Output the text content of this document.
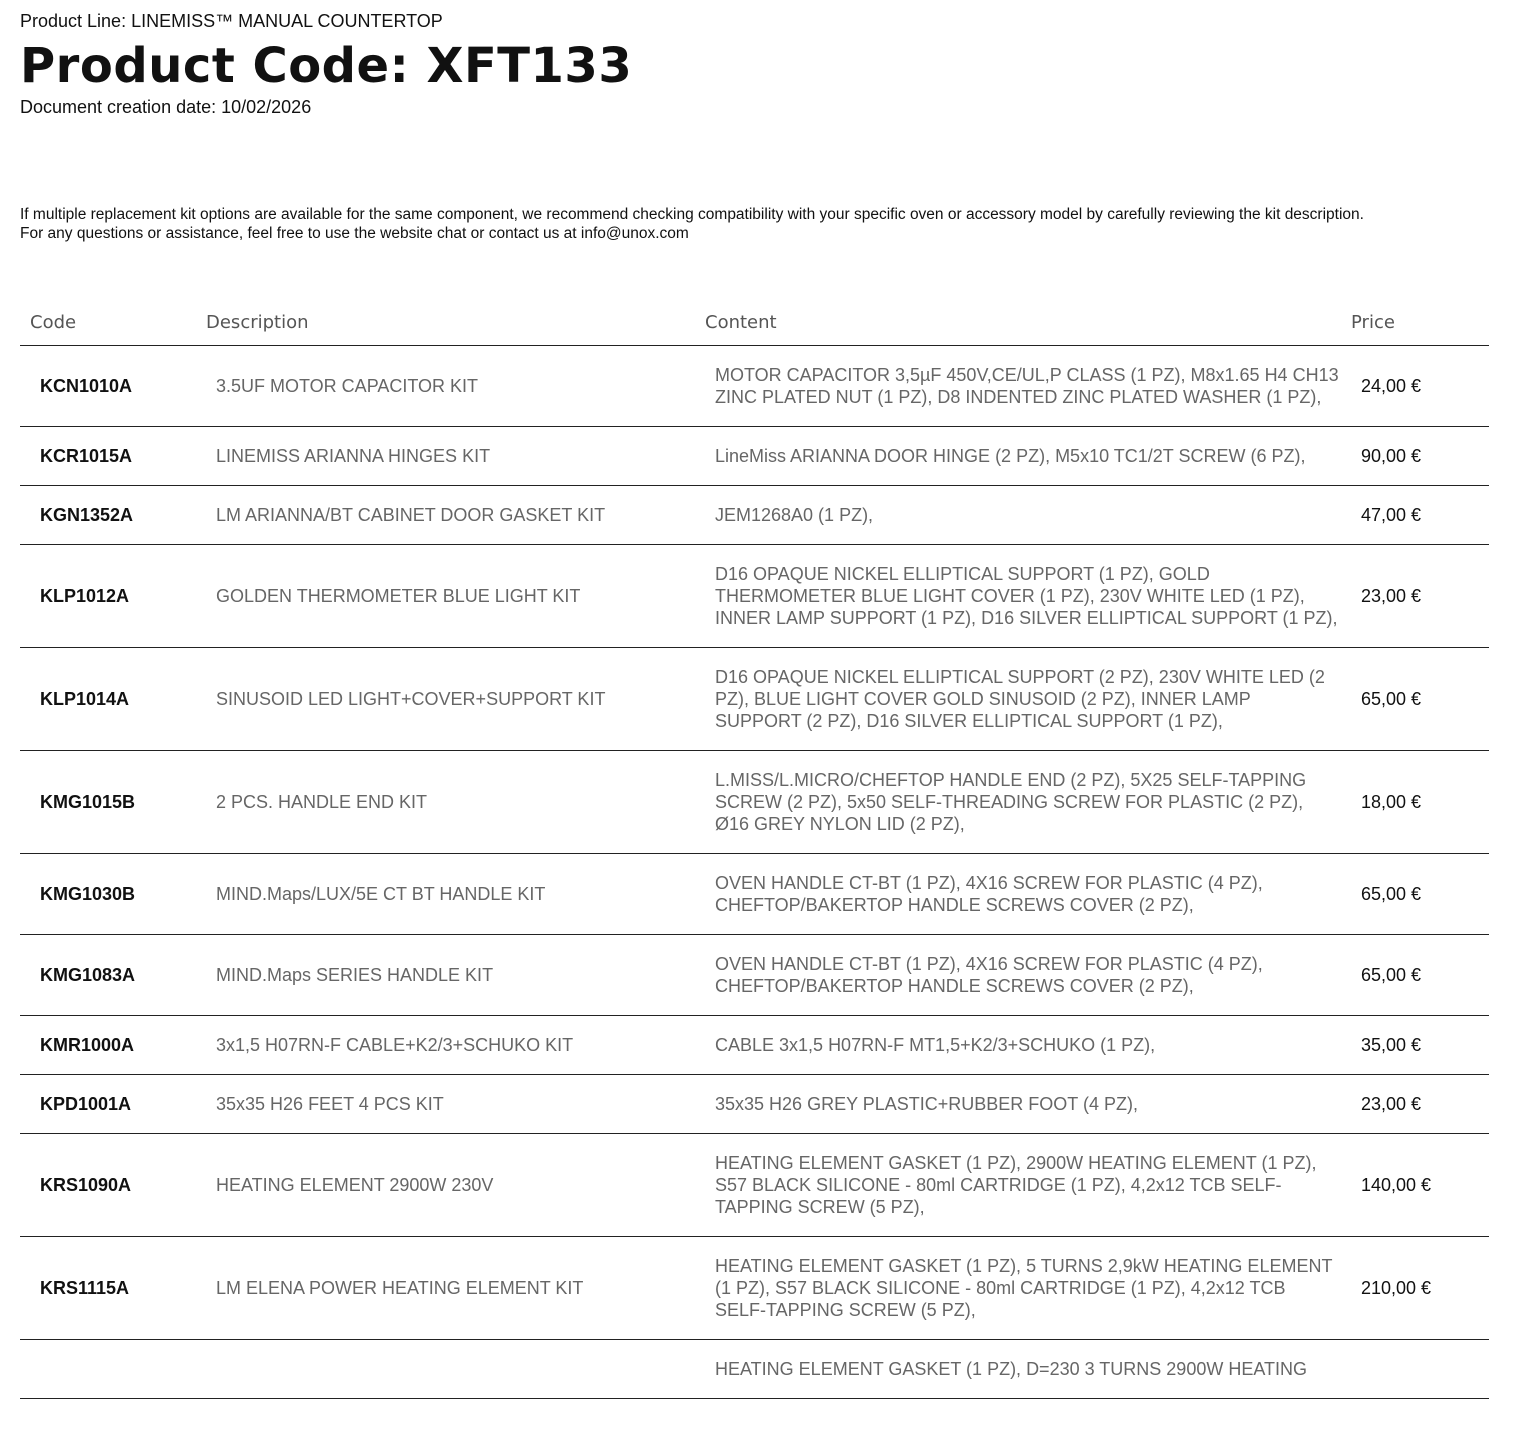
Product Line: LINEMISS™ MANUAL COUNTERTOP
Product Code: XFT133
Document creation date: 10/02/2026

If multiple replacement kit options are available for the same component, we recommend checking compatibility with your specific oven or accessory model by carefully reviewing the kit description.

For any questions or assistance, feel free to use the website chat or contact us at info@unox.com

Code	Description	Content	Price
KCN1010A	3.5UF MOTOR CAPACITOR KIT	MOTOR CAPACITOR 3,5µF 450V,CE/UL,P CLASS (1 PZ), M8x1.65 H4 CH13 ZINC PLATED NUT (1 PZ), D8 INDENTED ZINC PLATED WASHER (1 PZ),	24,00 €
KCR1015A	LINEMISS ARIANNA HINGES KIT	LineMiss ARIANNA DOOR HINGE (2 PZ), M5x10 TC1/2T SCREW (6 PZ),	90,00 €
KGN1352A	LM ARIANNA/BT CABINET DOOR GASKET KIT	JEM1268A0 (1 PZ),	47,00 €
KLP1012A	GOLDEN THERMOMETER BLUE LIGHT KIT	D16 OPAQUE NICKEL ELLIPTICAL SUPPORT (1 PZ), GOLD THERMOMETER BLUE LIGHT COVER (1 PZ), 230V WHITE LED (1 PZ), INNER LAMP SUPPORT (1 PZ), D16 SILVER ELLIPTICAL SUPPORT (1 PZ),	23,00 €
KLP1014A	SINUSOID LED LIGHT+COVER+SUPPORT KIT	D16 OPAQUE NICKEL ELLIPTICAL SUPPORT (2 PZ), 230V WHITE LED (2 PZ), BLUE LIGHT COVER GOLD SINUSOID (2 PZ), INNER LAMP SUPPORT (2 PZ), D16 SILVER ELLIPTICAL SUPPORT (1 PZ),	65,00 €
KMG1015B	2 PCS. HANDLE END KIT	L.MISS/L.MICRO/CHEFTOP HANDLE END (2 PZ), 5X25 SELF-TAPPING SCREW (2 PZ), 5x50 SELF-THREADING SCREW FOR PLASTIC (2 PZ), Ø16 GREY NYLON LID (2 PZ),	18,00 €
KMG1030B	MIND.Maps/LUX/5E CT BT HANDLE KIT	OVEN HANDLE CT-BT (1 PZ), 4X16 SCREW FOR PLASTIC (4 PZ), CHEFTOP/BAKERTOP HANDLE SCREWS COVER (2 PZ),	65,00 €
KMG1083A	MIND.Maps SERIES HANDLE KIT	OVEN HANDLE CT-BT (1 PZ), 4X16 SCREW FOR PLASTIC (4 PZ), CHEFTOP/BAKERTOP HANDLE SCREWS COVER (2 PZ),	65,00 €
KMR1000A	3x1,5 H07RN-F CABLE+K2/3+SCHUKO KIT	CABLE 3x1,5 H07RN-F MT1,5+K2/3+SCHUKO (1 PZ),	35,00 €
KPD1001A	35x35 H26 FEET 4 PCS KIT	35x35 H26 GREY PLASTIC+RUBBER FOOT (4 PZ),	23,00 €
KRS1090A	HEATING ELEMENT 2900W 230V	HEATING ELEMENT GASKET (1 PZ), 2900W HEATING ELEMENT (1 PZ), S57 BLACK SILICONE - 80ml CARTRIDGE (1 PZ), 4,2x12 TCB SELF-TAPPING SCREW (5 PZ),	140,00 €
KRS1115A	LM ELENA POWER HEATING ELEMENT KIT	HEATING ELEMENT GASKET (1 PZ), 5 TURNS 2,9kW HEATING ELEMENT (1 PZ), S57 BLACK SILICONE - 80ml CARTRIDGE (1 PZ), 4,2x12 TCB SELF-TAPPING SCREW (5 PZ),	210,00 €
		HEATING ELEMENT GASKET (1 PZ), D=230 3 TURNS 2900W HEATING	
